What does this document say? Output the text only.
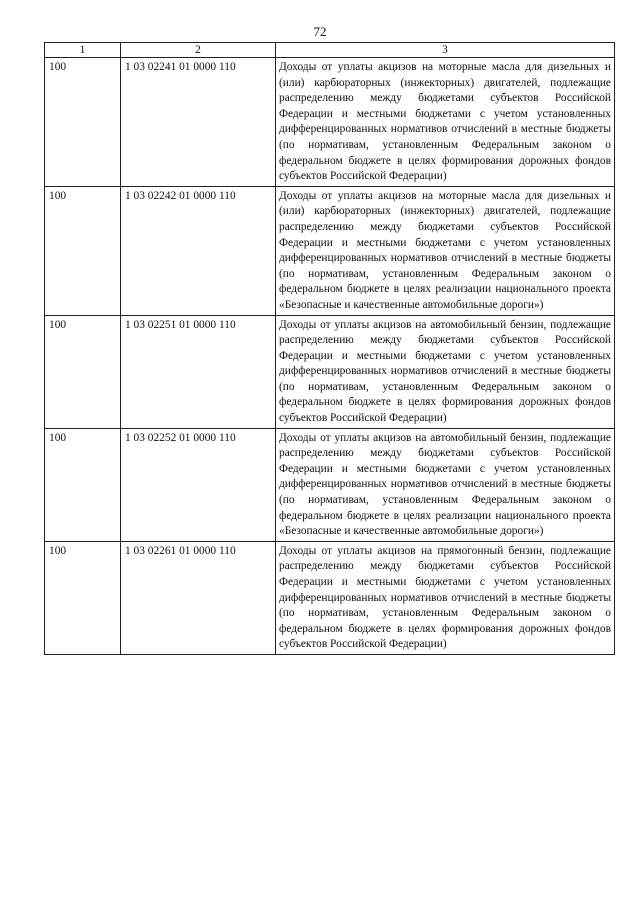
72
1	2	3
100	1 03 02241 01 0000 110	Доходы от уплаты акцизов на моторные масла для дизельных и (или) карбюраторных (инжекторных) двигателей, подлежащие распределению между бюджетами субъектов Российской Федерации и местными бюджетами с учетом установленных дифференцированных нормативов отчислений в местные бюджеты (по нормативам, установленным Федеральным законом о федеральном бюджете в целях формирования дорожных фондов субъектов Российской Федерации)
100	1 03 02242 01 0000 110	Доходы от уплаты акцизов на моторные масла для дизельных и (или) карбюраторных (инжекторных) двигателей, подлежащие распределению между бюджетами субъектов Российской Федерации и местными бюджетами с учетом установленных дифференцированных нормативов отчислений в местные бюджеты (по нормативам, установленным Федеральным законом о федеральном бюджете в целях реализации национального проекта «Безопасные и качественные автомобильные дороги»)
100	1 03 02251 01 0000 110	Доходы от уплаты акцизов на автомобильный бензин, подлежащие распределению между бюджетами субъектов Российской Федерации и местными бюджетами с учетом установленных дифференцированных нормативов отчислений в местные бюджеты (по нормативам, установленным Федеральным законом о федеральном бюджете в целях формирования дорожных фондов субъектов Российской Федерации)
100	1 03 02252 01 0000 110	Доходы от уплаты акцизов на автомобильный бензин, подлежащие распределению между бюджетами субъектов Российской Федерации и местными бюджетами с учетом установленных дифференцированных нормативов отчислений в местные бюджеты (по нормативам, установленным Федеральным законом о федеральном бюджете в целях реализации национального проекта «Безопасные и качественные автомобильные дороги»)
100	1 03 02261 01 0000 110	Доходы от уплаты акцизов на прямогонный бензин, подлежащие распределению между бюджетами субъектов Российской Федерации и местными бюджетами с учетом установленных дифференцированных нормативов отчислений в местные бюджеты (по нормативам, установленным Федеральным законом о федеральном бюджете в целях формирования дорожных фондов субъектов Российской Федерации)
